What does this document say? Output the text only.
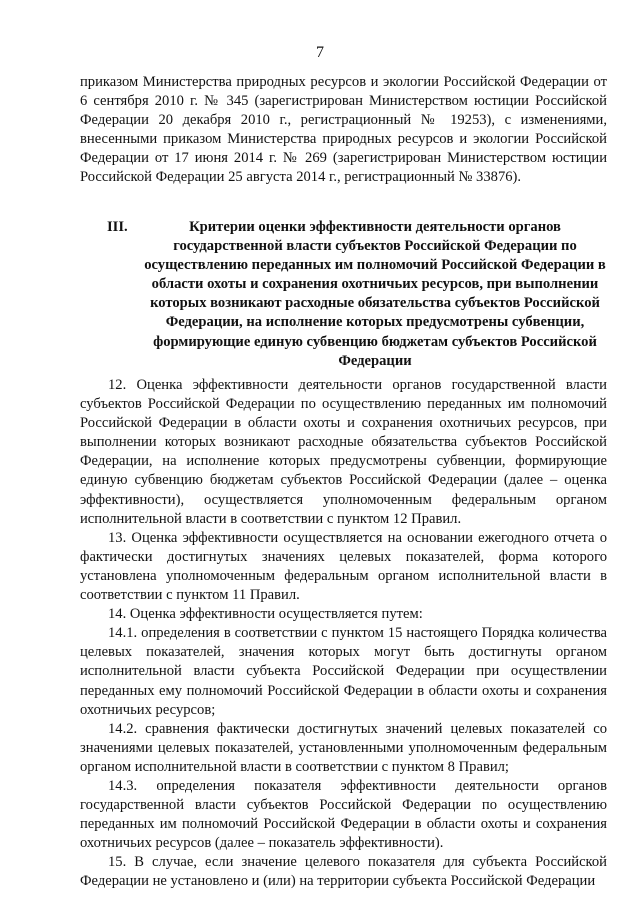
7
приказом Министерства природных ресурсов и экологии Российской Федерации от 6 сентября 2010 г. № 345 (зарегистрирован Министерством юстиции Российской Федерации 20 декабря 2010 г., регистрационный № 19253), с изменениями, внесенными приказом Министерства природных ресурсов и экологии Российской Федерации от 17 июня 2014 г. № 269 (зарегистрирован Министерством юстиции Российской Федерации 25 августа 2014 г., регистрационный № 33876).
III.	Критерии оценки эффективности деятельности органов государственной власти субъектов Российской Федерации по осуществлению переданных им полномочий Российской Федерации в области охоты и сохранения охотничьих ресурсов, при выполнении которых возникают расходные обязательства субъектов Российской Федерации, на исполнение которых предусмотрены субвенции, формирующие единую субвенцию бюджетам субъектов Российской Федерации

12. Оценка эффективности деятельности органов государственной власти субъектов Российской Федерации по осуществлению переданных им полномочий Российской Федерации в области охоты и сохранения охотничьих ресурсов, при выполнении которых возникают расходные обязательства субъектов Российской Федерации, на исполнение которых предусмотрены субвенции, формирующие единую субвенцию бюджетам субъектов Российской Федерации (далее – оценка эффективности), осуществляется уполномоченным федеральным органом исполнительной власти в соответствии с пунктом 12 Правил.

13. Оценка эффективности осуществляется на основании ежегодного отчета о фактически достигнутых значениях целевых показателей, форма которого установлена уполномоченным федеральным органом исполнительной власти в соответствии с пунктом 11 Правил.

14. Оценка эффективности осуществляется путем:

14.1. определения в соответствии с пунктом 15 настоящего Порядка количества целевых показателей, значения которых могут быть достигнуты органом исполнительной власти субъекта Российской Федерации при осуществлении переданных ему полномочий Российской Федерации в области охоты и сохранения охотничьих ресурсов;

14.2. сравнения фактически достигнутых значений целевых показателей со значениями целевых показателей, установленными уполномоченным федеральным органом исполнительной власти в соответствии с пунктом 8 Правил;

14.3. определения показателя эффективности деятельности органов государственной власти субъектов Российской Федерации по осуществлению переданных им полномочий Российской Федерации в области охоты и сохранения охотничьих ресурсов (далее – показатель эффективности).

15. В случае, если значение целевого показателя для субъекта Российской Федерации не установлено и (или) на территории субъекта Российской Федерации
